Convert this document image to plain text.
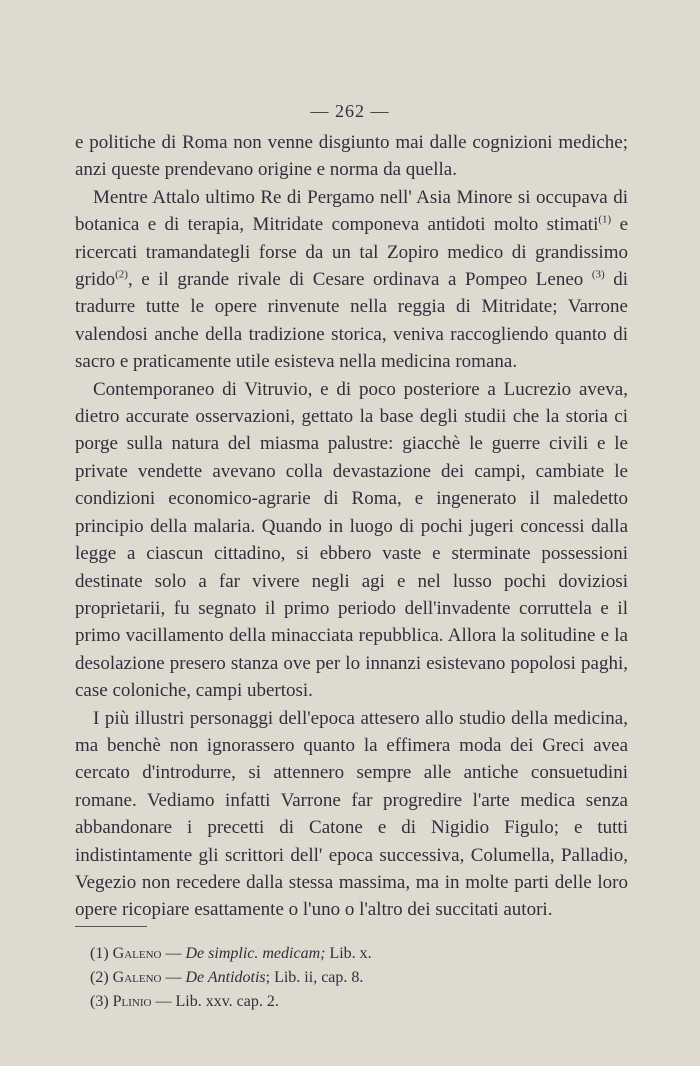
— 262 —

e politiche di Roma non venne disgiunto mai dalle cognizioni mediche; anzi queste prendevano origine e norma da quella.

Mentre Attalo ultimo Re di Pergamo nell' Asia Minore si occupava di botanica e di terapia, Mitridate componeva antidoti molto stimati$^{(1)}$ e ricercati tramandategli forse da un tal Zopiro medico di grandissimo grido$^{(2)}$, e il grande rivale di Cesare ordinava a Pompeo Leneo $^{(3)}$ di tradurre tutte le opere rinvenute nella reggia di Mitridate; Varrone valendosi anche della tradizione storica, veniva raccogliendo quanto di sacro e praticamente utile esisteva nella medicina romana.

Contemporaneo di Vitruvio, e di poco posteriore a Lucrezio aveva, dietro accurate osservazioni, gettato la base degli studii che la storia ci porge sulla natura del miasma palustre: giacchè le guerre civili e le private vendette avevano colla devastazione dei campi, cambiate le condizioni economico-agrarie di Roma, e ingenerato il maledetto principio della malaria. Quando in luogo di pochi jugeri concessi dalla legge a ciascun cittadino, si ebbero vaste e sterminate possessioni destinate solo a far vivere negli agi e nel lusso pochi doviziosi proprietarii, fu segnato il primo periodo dell'invadente corruttela e il primo vacillamento della minacciata repubblica. Allora la solitudine e la desolazione presero stanza ove per lo innanzi esistevano popolosi paghi, case coloniche, campi ubertosi.

I più illustri personaggi dell'epoca attesero allo studio della medicina, ma benchè non ignorassero quanto la effimera moda dei Greci avea cercato d'introdurre, si attennero sempre alle antiche consuetudini romane. Vediamo infatti Varrone far progredire l'arte medica senza abbandonare i precetti di Catone e di Nigidio Figulo; e tutti indistintamente gli scrittori dell' epoca successiva, Columella, Palladio, Vegezio non recedere dalla stessa massima, ma in molte parti delle loro opere ricopiare esattamente o l'uno o l'altro dei succitati autori.

(1) Galeno — De simplic. medicam; Lib. x.
(2) Galeno — De Antidotis; Lib. ii, cap. 8.
(3) Plinio — Lib. xxv. cap. 2.
